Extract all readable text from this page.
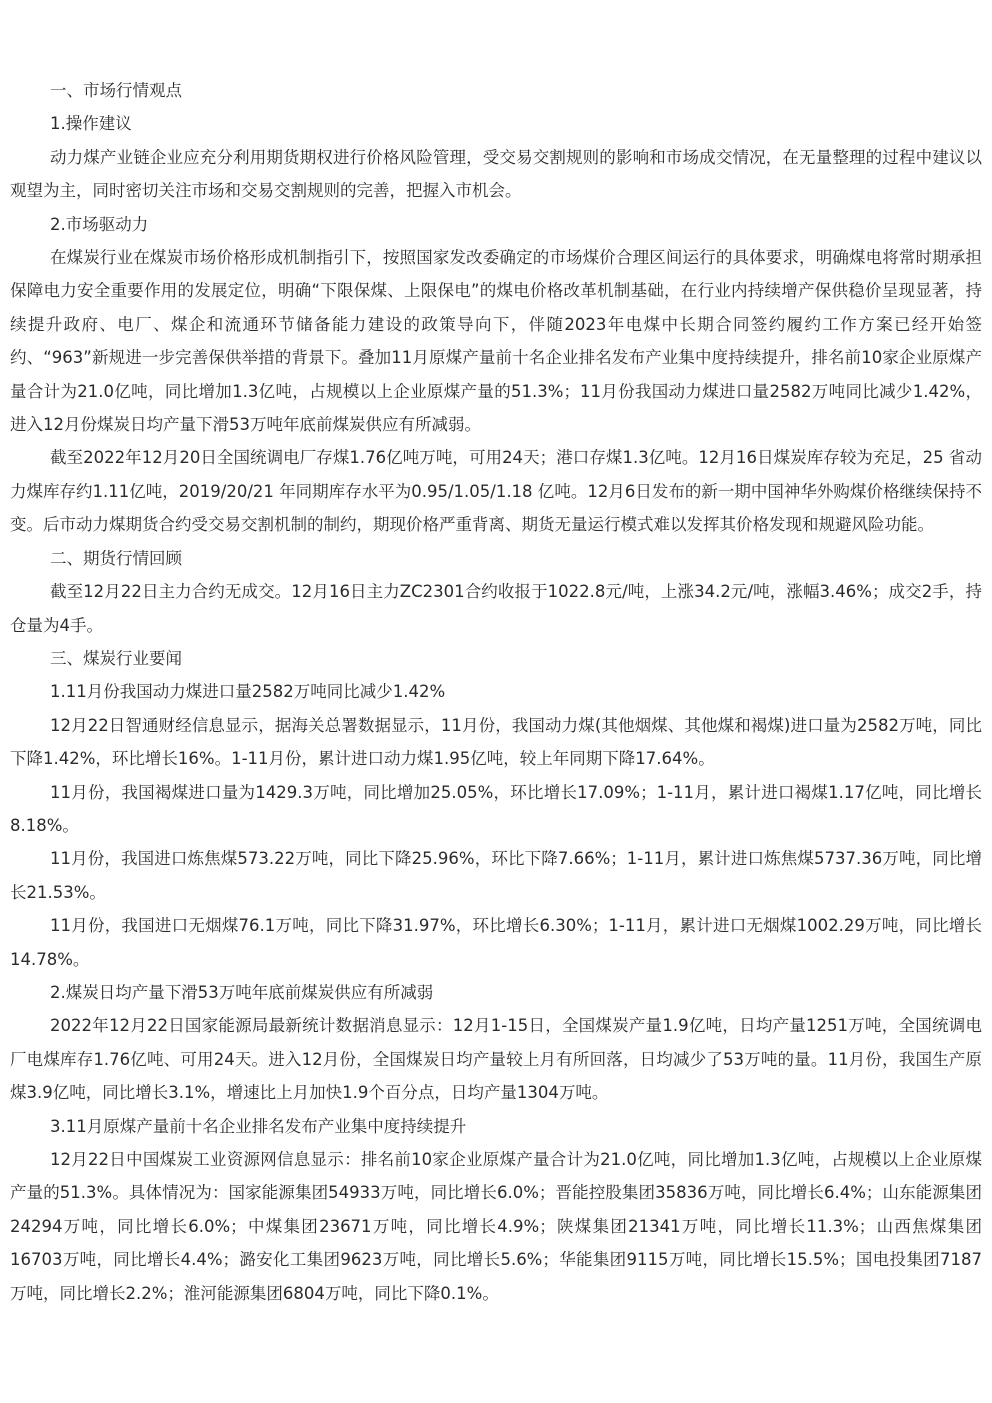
一、市场行情观点

1.操作建议

动力煤产业链企业应充分利用期货期权进行价格风险管理，受交易交割规则的影响和市场成交情况，在无量整理的过程中建议以观望为主，同时密切关注市场和交易交割规则的完善，把握入市机会。

2.市场驱动力

在煤炭行业在煤炭市场价格形成机制指引下，按照国家发改委确定的市场煤价合理区间运行的具体要求，明确煤电将常时期承担保障电力安全重要作用的发展定位，明确“下限保煤、上限保电”的煤电价格改革机制基础，在行业内持续增产保供稳价呈现显著，持续提升政府、电厂、煤企和流通环节储备能力建设的政策导向下，伴随2023年电煤中长期合同签约履约工作方案已经开始签约、“963”新规进一步完善保供举措的背景下。叠加11月原煤产量前十名企业排名发布产业集中度持续提升，排名前10家企业原煤产量合计为21.0亿吨，同比增加1.3亿吨，占规模以上企业原煤产量的51.3%；11月份我国动力煤进口量2582万吨同比减少1.42%，进入12月份煤炭日均产量下滑53万吨年底前煤炭供应有所减弱。

截至2022年12月20日全国统调电厂存煤1.76亿吨万吨，可用24天；港口存煤1.3亿吨。12月16日煤炭库存较为充足，25 省动力煤库存约1.11亿吨，2019/20/21 年同期库存水平为0.95/1.05/1.18 亿吨。12月6日发布的新一期中国神华外购煤价格继续保持不变。后市动力煤期货合约受交易交割机制的制约，期现价格严重背离、期货无量运行模式难以发挥其价格发现和规避风险功能。

二、期货行情回顾

截至12月22日主力合约无成交。12月16日主力ZC2301合约收报于1022.8元/吨，上涨34.2元/吨，涨幅3.46%；成交2手，持仓量为4手。

三、煤炭行业要闻

1.11月份我国动力煤进口量2582万吨同比减少1.42%

12月22日智通财经信息显示，据海关总署数据显示，11月份，我国动力煤(其他烟煤、其他煤和褐煤)进口量为2582万吨，同比下降1.42%，环比增长16%。1-11月份，累计进口动力煤1.95亿吨，较上年同期下降17.64%。

11月份，我国褐煤进口量为1429.3万吨，同比增加25.05%，环比增长17.09%；1-11月，累计进口褐煤1.17亿吨，同比增长8.18%。

11月份，我国进口炼焦煤573.22万吨，同比下降25.96%，环比下降7.66%；1-11月，累计进口炼焦煤5737.36万吨，同比增长21.53%。

11月份，我国进口无烟煤76.1万吨，同比下降31.97%，环比增长6.30%；1-11月，累计进口无烟煤1002.29万吨，同比增长14.78%。

2.煤炭日均产量下滑53万吨年底前煤炭供应有所减弱

2022年12月22日国家能源局最新统计数据消息显示：12月1-15日，全国煤炭产量1.9亿吨，日均产量1251万吨，全国统调电厂电煤库存1.76亿吨、可用24天。进入12月份，全国煤炭日均产量较上月有所回落，日均减少了53万吨的量。11月份，我国生产原煤3.9亿吨，同比增长3.1%，增速比上月加快1.9个百分点，日均产量1304万吨。

3.11月原煤产量前十名企业排名发布产业集中度持续提升

12月22日中国煤炭工业资源网信息显示：排名前10家企业原煤产量合计为21.0亿吨，同比增加1.3亿吨，占规模以上企业原煤产量的51.3%。具体情况为：国家能源集团54933万吨，同比增长6.0%；晋能控股集团35836万吨，同比增长6.4%；山东能源集团24294万吨，同比增长6.0%；中煤集团23671万吨，同比增长4.9%；陕煤集团21341万吨，同比增长11.3%；山西焦煤集团16703万吨，同比增长4.4%；潞安化工集团9623万吨，同比增长5.6%；华能集团9115万吨，同比增长15.5%；国电投集团7187万吨，同比增长2.2%；淮河能源集团6804万吨，同比下降0.1%。
